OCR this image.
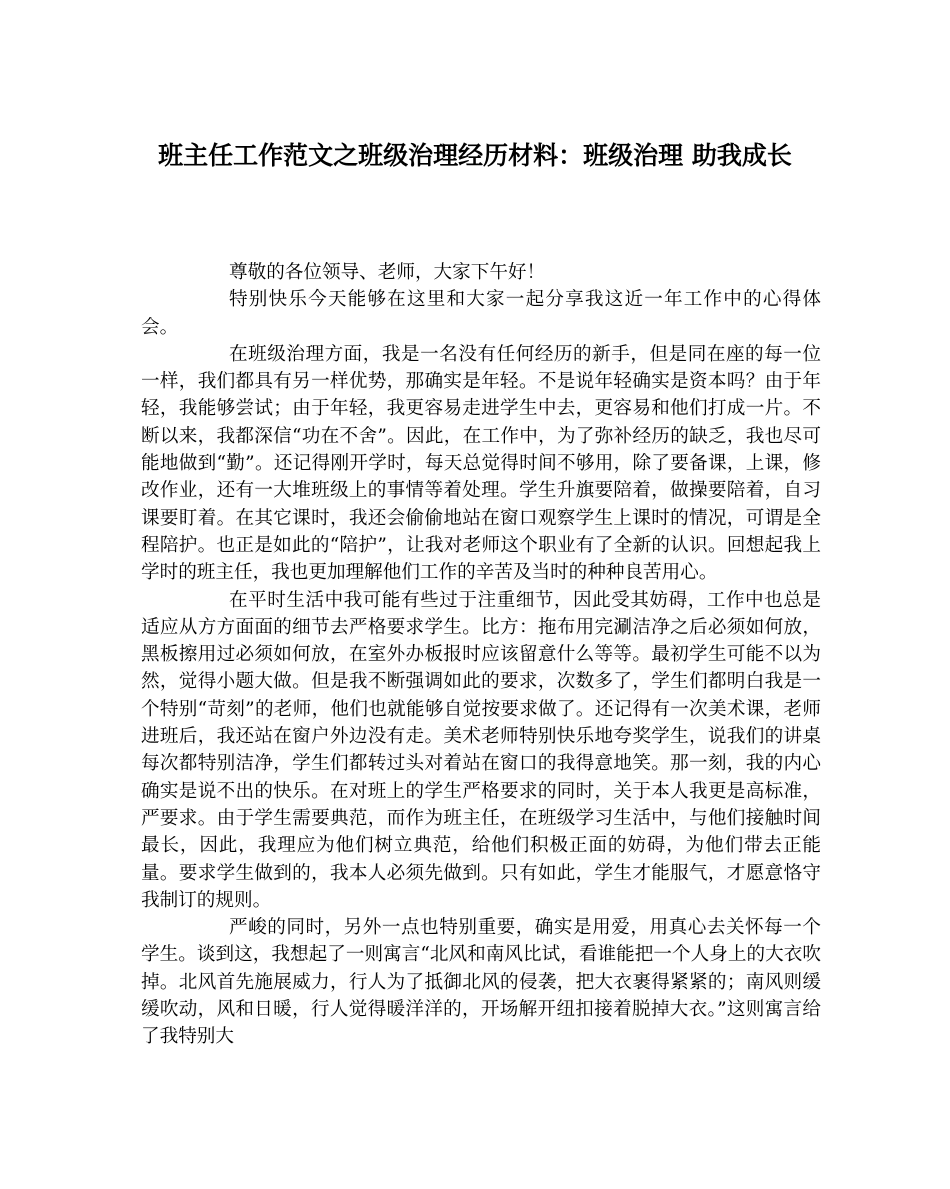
班主任工作范文之班级治理经历材料：班级治理 助我成长

尊敬的各位领导、老师，大家下午好！

特别快乐今天能够在这里和大家一起分享我这近一年工作中的心得体会。

在班级治理方面，我是一名没有任何经历的新手，但是同在座的每一位一样，我们都具有另一样优势，那确实是年轻。不是说年轻确实是资本吗？由于年轻，我能够尝试；由于年轻，我更容易走进学生中去，更容易和他们打成一片。不断以来，我都深信“功在不舍”。因此，在工作中，为了弥补经历的缺乏，我也尽可能地做到“勤”。还记得刚开学时，每天总觉得时间不够用，除了要备课，上课，修改作业，还有一大堆班级上的事情等着处理。学生升旗要陪着，做操要陪着，自习课要盯着。在其它课时，我还会偷偷地站在窗口观察学生上课时的情况，可谓是全程陪护。也正是如此的“陪护”，让我对老师这个职业有了全新的认识。回想起我上学时的班主任，我也更加理解他们工作的辛苦及当时的种种良苦用心。

在平时生活中我可能有些过于注重细节，因此受其妨碍，工作中也总是适应从方方面面的细节去严格要求学生。比方：拖布用完涮洁净之后必须如何放，黑板擦用过必须如何放，在室外办板报时应该留意什么等等。最初学生可能不以为然，觉得小题大做。但是我不断强调如此的要求，次数多了，学生们都明白我是一个特别“苛刻”的老师，他们也就能够自觉按要求做了。还记得有一次美术课，老师进班后，我还站在窗户外边没有走。美术老师特别快乐地夸奖学生，说我们的讲桌每次都特别洁净，学生们都转过头对着站在窗口的我得意地笑。那一刻，我的内心确实是说不出的快乐。在对班上的学生严格要求的同时，关于本人我更是高标准，严要求。由于学生需要典范，而作为班主任，在班级学习生活中，与他们接触时间最长，因此，我理应为他们树立典范，给他们积极正面的妨碍，为他们带去正能量。要求学生做到的，我本人必须先做到。只有如此，学生才能服气，才愿意恪守我制订的规则。

严峻的同时，另外一点也特别重要，确实是用爱，用真心去关怀每一个学生。谈到这，我想起了一则寓言“北风和南风比试，看谁能把一个人身上的大衣吹掉。北风首先施展威力，行人为了抵御北风的侵袭，把大衣裹得紧紧的；南风则缓缓吹动，风和日暖，行人觉得暖洋洋的，开场解开纽扣接着脱掉大衣。”这则寓言给了我特别大
